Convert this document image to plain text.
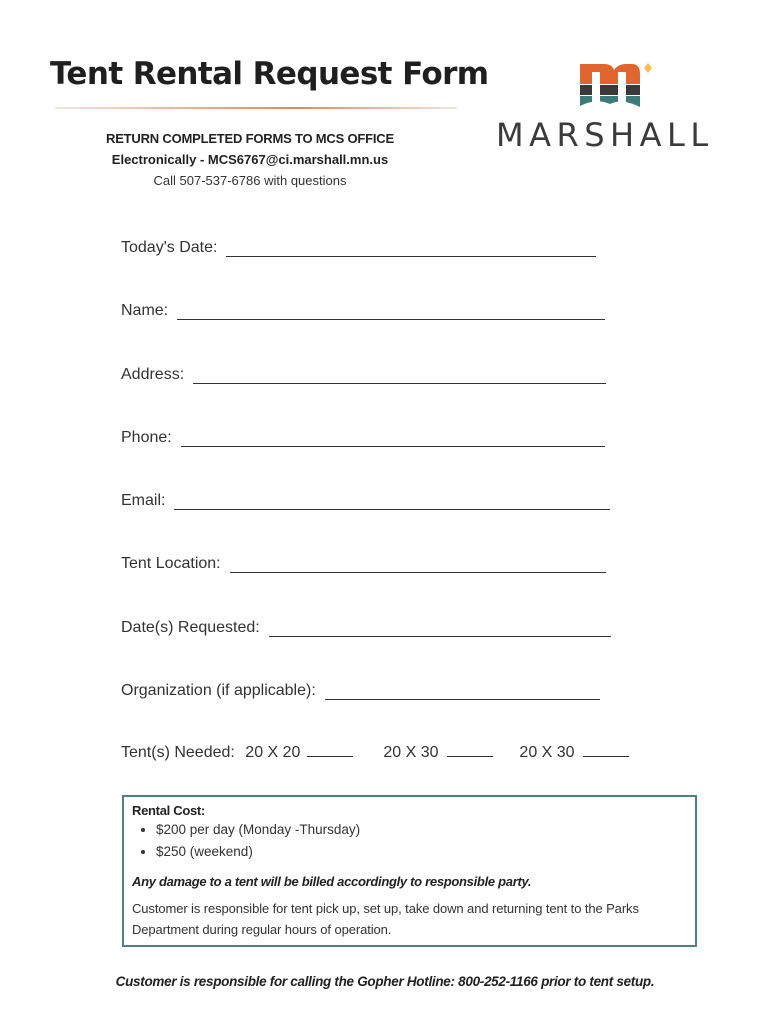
Tent Rental Request Form
MARSHALL
RETURN COMPLETED FORMS TO MCS OFFICE
Electronically - MCS6767@ci.marshall.mn.us
Call 507-537-6786 with questions
Today's Date:
Name:
Address:
Phone:
Email:
Tent Location:
Date(s) Requested:
Organization (if applicable):
Tent(s) Needed: 20 X 20	20 X 30	20 X 30

Rental Cost:

• $200 per day (Monday -Thursday)
• $250 (weekend)

Any damage to a tent will be billed accordingly to responsible party.

Customer is responsible for tent pick up, set up, take down and returning tent to the Parks Department during regular hours of operation.

Customer is responsible for calling the Gopher Hotline: 800-252-1166 prior to tent setup.
